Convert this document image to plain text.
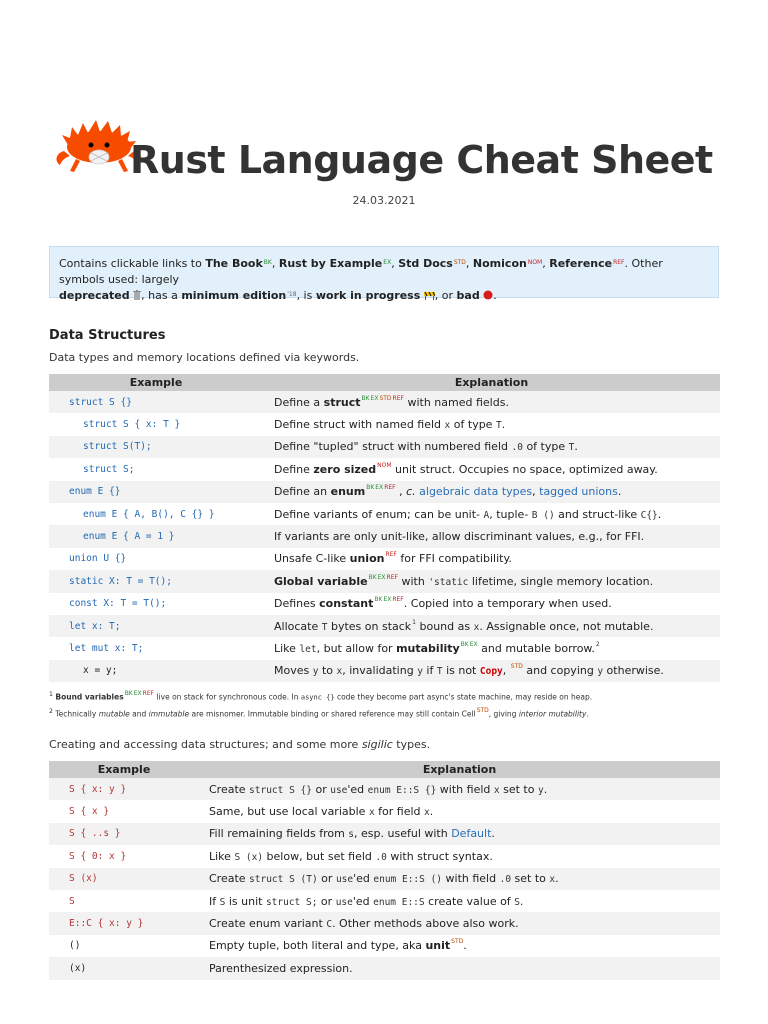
Rust Language Cheat Sheet
24.03.2021
Contains clickable links to The Book$^{BK}$, Rust by Example$^{EX}$, Std Docs$^{STD}$, Nomicon$^{NOM}$, Reference$^{REF}$. Other symbols used: largely
deprecated , has a minimum edition$^{'18}$, is work in progress , or bad .
Data Structures
Data types and memory locations defined via keywords.
Example	Explanation
struct S {}	Define a struct$^{BKEXSTDREF}$ with named fields.
struct S { x: T }	Define struct with named field x of type T.
struct S(T);	Define "tupled" struct with numbered field .0 of type T.
struct S;	Define zero sized$^{NOM}$ unit struct. Occupies no space, optimized away.
enum E {}	Define an enum$^{BKEXREF}$ , c. algebraic data types, tagged unions.
enum E { A, B(), C {} }	Define variants of enum; can be unit- A, tuple- B () and struct-like C{}.
enum E { A = 1 }	If variants are only unit-like, allow discriminant values, e.g., for FFI.
union U {}	Unsafe C-like union$^{REF}$ for FFI compatibility.
static X: T = T();	Global variable$^{BKEXREF}$ with 'static lifetime, single memory location.
const X: T = T();	Defines constant$^{BKEXREF}$. Copied into a temporary when used.
let x: T;	Allocate T bytes on stack$^1$ bound as x. Assignable once, not mutable.
let mut x: T;	Like let, but allow for mutability$^{BKEX}$ and mutable borrow.$^2$
x = y;	Moves y to x, invalidating y if T is not Copy, $^{STD}$ and copying y otherwise.
$^1$ Bound variables$^{BKEXREF}$ live on stack for synchronous code. In async {} code they become part async's state machine, may reside on heap.
$^2$ Technically mutable and immutable are misnomer. Immutable binding or shared reference may still contain Cell$^{STD}$, giving interior mutability.
Creating and accessing data structures; and some more sigilic types.
Example	Explanation
S { x: y }	Create struct S {} or use'ed enum E::S {} with field x set to y.
S { x }	Same, but use local variable x for field x.
S { ..s }	Fill remaining fields from s, esp. useful with Default.
S { 0: x }	Like S (x) below, but set field .0 with struct syntax.
S (x)	Create struct S (T) or use'ed enum E::S () with field .0 set to x.
S	If S is unit struct S; or use'ed enum E::S create value of S.
E::C { x: y }	Create enum variant C. Other methods above also work.
()	Empty tuple, both literal and type, aka unit$^{STD}$.
(x)	Parenthesized expression.
